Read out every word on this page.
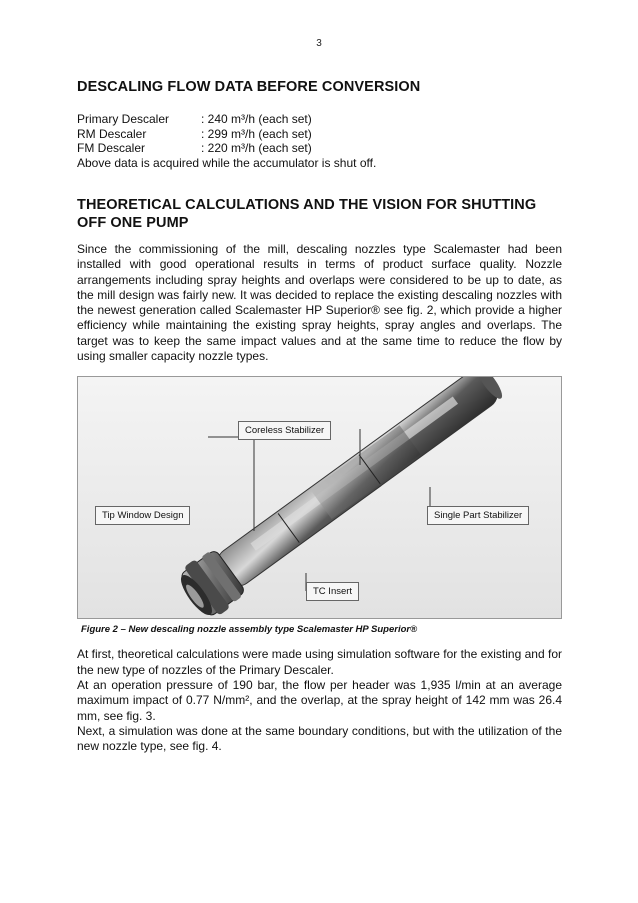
3
DESCALING FLOW DATA BEFORE CONVERSION
Primary Descaler	: 240 m³/h (each set)
RM Descaler	: 299 m³/h (each set)
FM Descaler	: 220 m³/h (each set)
Above data is acquired while the accumulator is shut off.
THEORETICAL CALCULATIONS AND THE VISION FOR SHUTTING
OFF ONE PUMP

Since the commissioning of the mill, descaling nozzles type Scalemaster had been installed with good operational results in terms of product surface quality. Nozzle arrangements including spray heights and overlaps were considered to be up to date, as the mill design was fairly new. It was decided to replace the existing descaling nozzles with the newest generation called Scalemaster HP Superior® see fig. 2, which provide a higher efficiency while maintaining the existing spray heights, spray angles and overlaps. The target was to keep the same impact values and at the same time to reduce the flow by using smaller capacity nozzle types.

Coreless Stabilizer
Tip Window Design	Single Part Stabilizer
TC Insert
Figure 2 – New descaling nozzle assembly type Scalemaster HP Superior®

At first, theoretical calculations were made using simulation software for the existing and for the new type of nozzles of the Primary Descaler.

At an operation pressure of 190 bar, the flow per header was 1,935 l/min at an average maximum impact of 0.77 N/mm², and the overlap, at the spray height of 142 mm was 26.4 mm, see fig. 3.

Next, a simulation was done at the same boundary conditions, but with the utilization of the new nozzle type, see fig. 4.
